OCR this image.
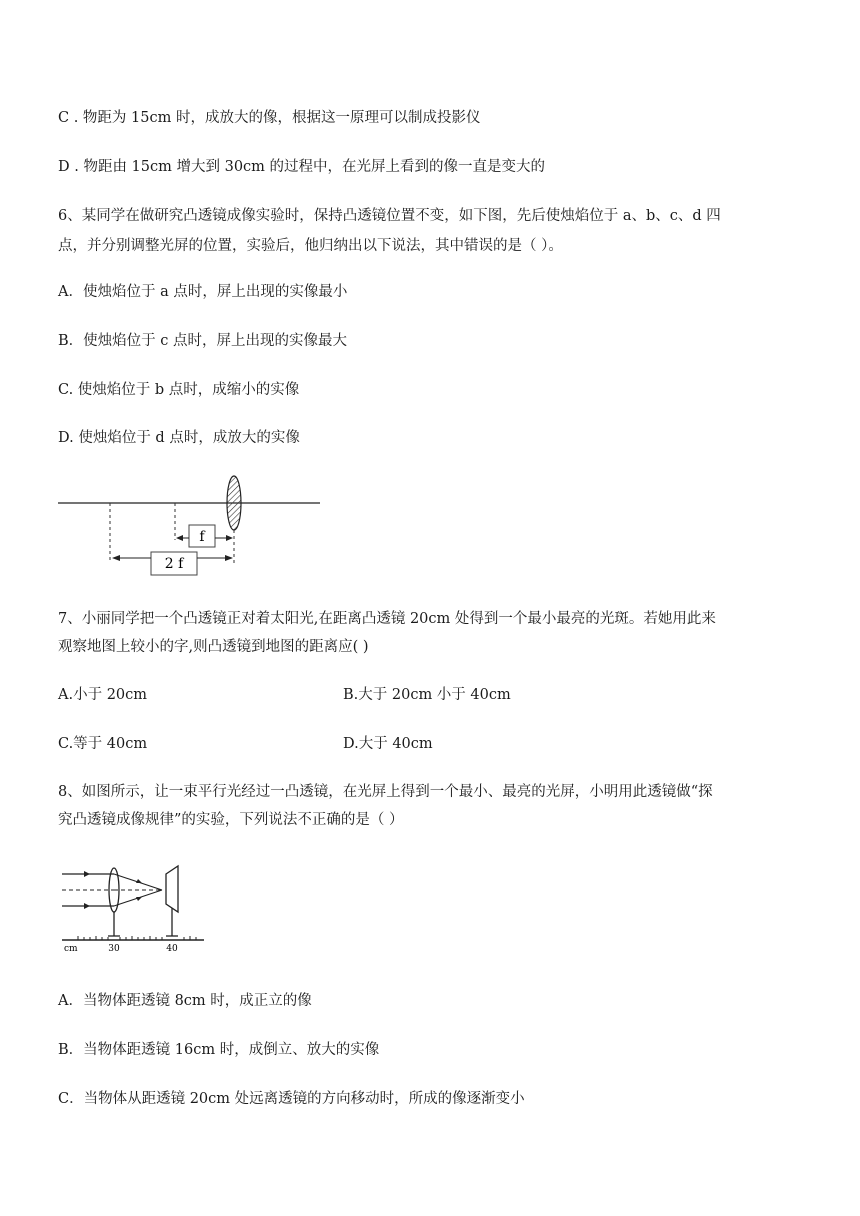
C . 物距为 15cm 时，成放大的像，根据这一原理可以制成投影仪
D . 物距由 15cm 增大到 30cm 的过程中，在光屏上看到的像一直是变大的
6、某同学在做研究凸透镜成像实验时，保持凸透镜位置不变，如下图，先后使烛焰位于 a、b、c、d 四
点，并分别调整光屏的位置，实验后，他归纳出以下说法，其中错误的是（ ）。
A．使烛焰位于 a 点时，屏上出现的实像最小
B．使烛焰位于 c 点时，屏上出现的实像最大
C. 使烛焰位于 b 点时，成缩小的实像
D. 使烛焰位于 d 点时，成放大的实像
f
2 f
7、小丽同学把一个凸透镜正对着太阳光,在距离凸透镜 20cm 处得到一个最小最亮的光斑。若她用此来
观察地图上较小的字,则凸透镜到地图的距离应( )
A.小于 20cm	B.大于 20cm 小于 40cm
C.等于 40cm	D.大于 40cm
8、如图所示，让一束平行光经过一凸透镜，在光屏上得到一个最小、最亮的光屏，小明用此透镜做“探
究凸透镜成像规律”的实验，下列说法不正确的是（ ）
cm	30	40
A．当物体距透镜 8cm 时，成正立的像
B．当物体距透镜 16cm 时，成倒立、放大的实像
C．当物体从距透镜 20cm 处远离透镜的方向移动时，所成的像逐渐变小
